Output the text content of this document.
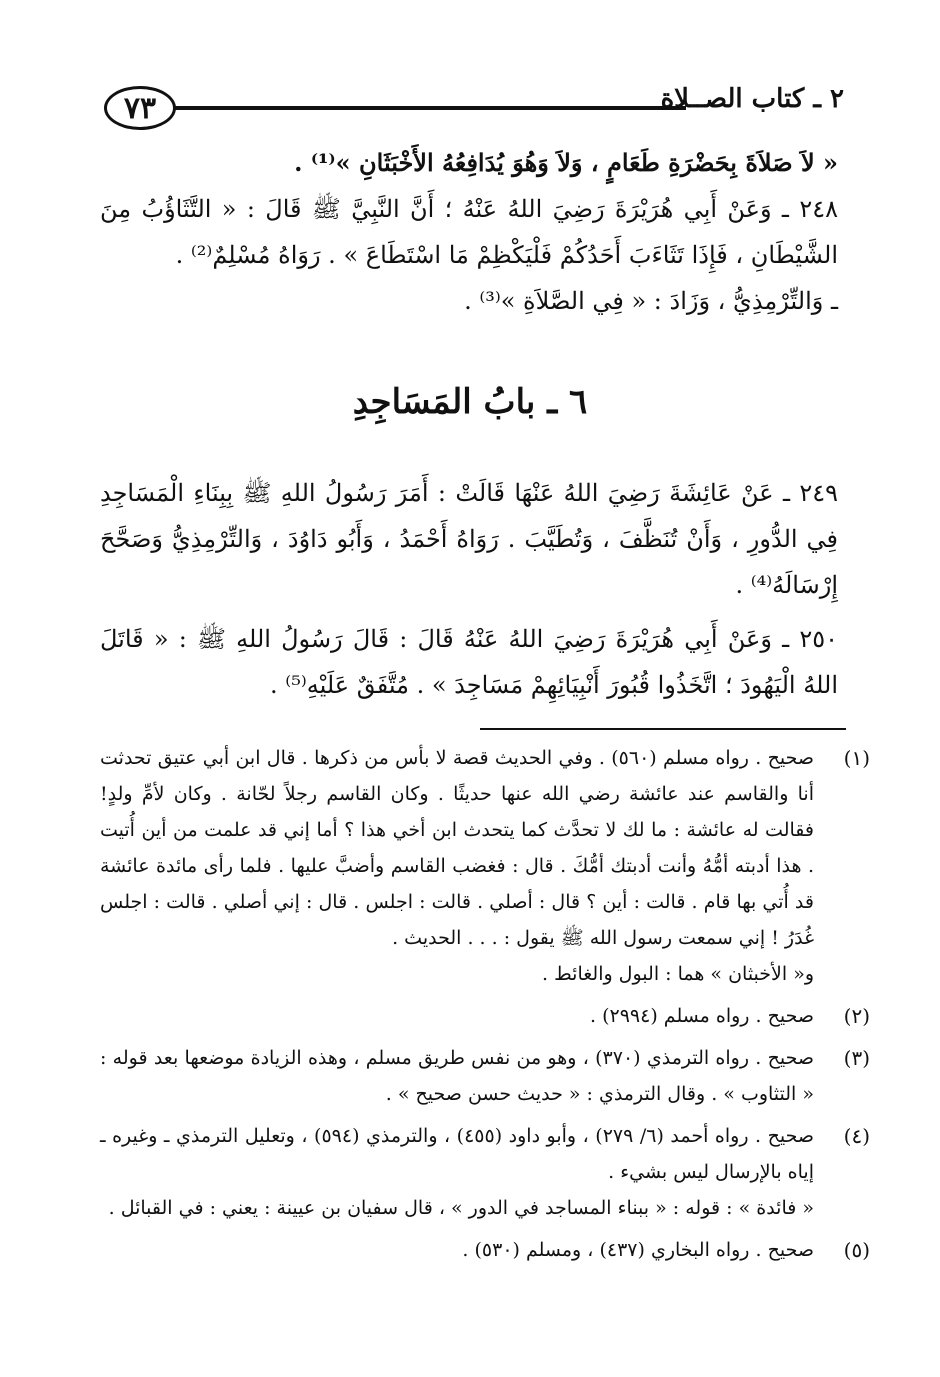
٧٣	٢ ـ كتاب الصــلاة

« لاَ صَلاَةَ بِحَضْرَةِ طَعَامٍ ، وَلاَ وَهُوَ يُدَافِعُهُ الأَخْبَثَانِ »⁽¹⁾ .

٢٤٨ ـ وَعَنْ أَبِي هُرَيْرَةَ رَضِيَ اللهُ عَنْهُ ؛ أَنَّ النَّبِيَّ ﷺ قَالَ : « التَّثَاؤُبُ مِنَ الشَّيْطَانِ ، فَإِذَا تَثَاءَبَ أَحَدُكُمْ فَلْيَكْظِمْ مَا اسْتَطَاعَ » . رَوَاهُ مُسْلِمٌ⁽²⁾ .

ـ وَالتِّرْمِذِيُّ ، وَزَادَ : « فِي الصَّلاَةِ »⁽³⁾ .

٦ ـ بابُ المَسَاجِدِ

٢٤٩ ـ عَنْ عَائِشَةَ رَضِيَ اللهُ عَنْهَا قَالَتْ : أَمَرَ رَسُولُ اللهِ ﷺ بِبِنَاءِ الْمَسَاجِدِ فِي الدُّورِ ، وَأَنْ تُنَظَّفَ ، وَتُطَيَّبَ . رَوَاهُ أَحْمَدُ ، وَأَبُو دَاوُدَ ، وَالتِّرْمِذِيُّ وَصَحَّحَ إِرْسَالَهُ⁽⁴⁾ .

٢٥٠ ـ وَعَنْ أَبِي هُرَيْرَةَ رَضِيَ اللهُ عَنْهُ قَالَ : قَالَ رَسُولُ اللهِ ﷺ : « قَاتَلَ اللهُ الْيَهُودَ ؛ اتَّخَذُوا قُبُورَ أَنْبِيَائِهِمْ مَسَاجِدَ » . مُتَّفَقٌ عَلَيْهِ⁽⁵⁾ .

(١)
صحيح . رواه مسلم (٥٦٠) . وفي الحديث قصة لا بأس من ذكرها . قال ابن أبي عتيق تحدثت أنا والقاسم عند عائشة رضي الله عنها حديثًا . وكان القاسم رجلاً لحّانة . وكان لأمِّ ولدٍ! فقالت له عائشة : ما لك لا تحدَّث كما يتحدث ابن أخي هذا ؟ أما إني قد علمت من أين أُتيت . هذا أدبته أمُّهُ وأنت أدبتك أمُّكَ . قال : فغضب القاسم وأضبَّ عليها . فلما رأى مائدة عائشة قد أُتي بها قام . قالت : أين ؟ قال : أصلي . قالت : اجلس . قال : إني أصلي . قالت : اجلس غُدَرُ ! إني سمعت رسول الله ﷺ يقول : . . . الحديث .
و« الأخبثان » هما : البول والغائط .
(٢)
صحيح . رواه مسلم (٢٩٩٤) .
(٣)
صحيح . رواه الترمذي (٣٧٠) ، وهو من نفس طريق مسلم ، وهذه الزيادة موضعها بعد قوله : « التثاوب » . وقال الترمذي : « حديث حسن صحيح » .
(٤)
صحيح . رواه أحمد (٦/ ٢٧٩) ، وأبو داود (٤٥٥) ، والترمذي (٥٩٤) ، وتعليل الترمذي ـ وغيره ـ إياه بالإرسال ليس بشيء .
« فائدة » : قوله : « ببناء المساجد في الدور » ، قال سفيان بن عيينة : يعني : في القبائل .
(٥)
صحيح . رواه البخاري (٤٣٧) ، ومسلم (٥٣٠) .
